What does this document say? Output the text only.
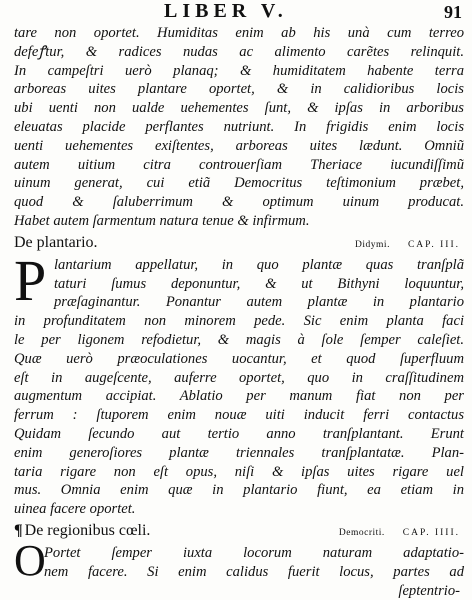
LIBER V.	91
tare non oportet. Humiditas enim ab his unà cum terreo
defeꝭtur, & radices nudas ac alimento carẽtes relinquit.
In campeſtri uerò planaq; & humiditatem habente terra
arboreas uites plantare oportet, & in calidioribus locis
ubi uenti non ualde uehementes ſunt, & ipſas in arboribus
eleuatas placide perflantes nutriunt. In frigidis enim locis
uenti uehementes exiſtentes, arboreas uites lædunt. Omniũ
autem uitium citra controuerſiam Theriace iucundiſſimũ
uinum generat, cui etiã Democritus teſtimonium præbet,
quod & ſaluberrimum & optimum uinum producat.
Habet autem ſarmentum natura tenue & infirmum.
De plantario.	Didymi. CAP. III.
P lantarium appellatur, in quo plantæ quas tranſplã
taturi ſumus deponuntur, & ut Bithyni loquuntur,
præſaginantur. Ponantur autem plantæ in plantario
in profunditatem non minorem pede. Sic enim planta faci
le per ligonem refodietur, & magis à ſole ſemper caleſiet.
Quæ uerò præoculationes uocantur, et quod ſuperfluum
eſt in augeſcente, auferre oportet, quo in craſſitudinem
augmentum accipiat. Ablatio per manum fiat non per
ferrum : ſtuporem enim nouæ uiti inducit ferri contactus
Quidam ſecundo aut tertio anno tranſplantant. Erunt
enim generoſiores plantæ triennales tranſplantatæ. Plan-
taria rigare non eſt opus, niſi & ipſas uites rigare uel
mus. Omnia enim quæ in plantario fiunt, ea etiam in
uinea facere oportet.
¶ De regionibus cœli.	Democriti. CAP. IIII.
O
Portet ſemper iuxta locorum naturam adaptatio-
nem facere. Si enim calidus fuerit locus, partes ad
ſeptentrio-
